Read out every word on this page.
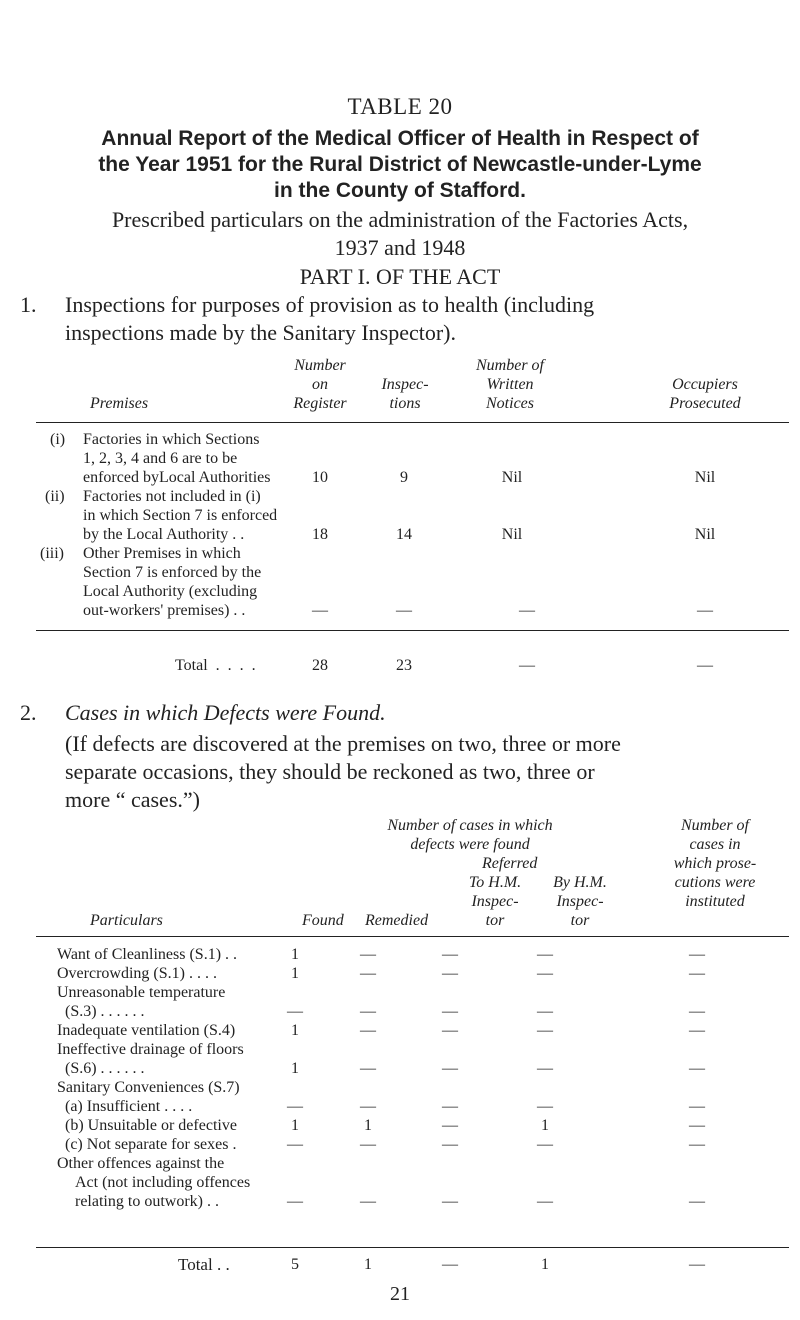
TABLE 20
Annual Report of the Medical Officer of Health in Respect of
the Year 1951 for the Rural District of Newcastle-under-Lyme
in the County of Stafford.
Prescribed particulars on the administration of the Factories Acts,
1937 and 1948
PART I. OF THE ACT
1. Inspections for purposes of provision as to health (including
inspections made by the Sanitary Inspector).
Number
on
Register
Inspec-
tions
Number of
Written
Notices
Occupiers
Prosecuted
Premises
(i) Factories in which Sections
1, 2, 3, 4 and 6 are to be
enforced byLocal Authorities	10	9	Nil	Nil
(ii) Factories not included in (i)
in which Section 7 is enforced
by the Local Authority . .	18	14	Nil	Nil
(iii) Other Premises in which
Section 7 is enforced by the
Local Authority (excluding
out-workers' premises) . .	—	—	—	—
Total . . . .	28	23	—	—
2. Cases in which Defects were Found.
(If defects are discovered at the premises on two, three or more
separate occasions, they should be reckoned as two, three or
more “ cases.”)
Number of cases in which
defects were found
Referred
To H.M.
Inspec-
tor
By H.M.
Inspec-
tor
Number of
cases in
which prose-
cutions were
instituted
Particulars	Found Remedied
Want of Cleanliness (S.1) . .	1	—	—	—	—
Overcrowding (S.1) . . . .	1	—	—	—	—
Unreasonable temperature
(S.3) . . . . . .	—	—	—	—	—
Inadequate ventilation (S.4)	1	—	—	—	—
Ineffective drainage of floors
(S.6) . . . . . .	1	—	—	—	—
Sanitary Conveniences (S.7)
(a) Insufficient . . . .	—	—	—	—	—
(b) Unsuitable or defective	1	1	—	1	—
(c) Not separate for sexes .	—	—	—	—	—
Other offences against the
Act (not including offences
relating to outwork) . .	—	—	—	—	—
Total . .	5	1	—	1	—
21
